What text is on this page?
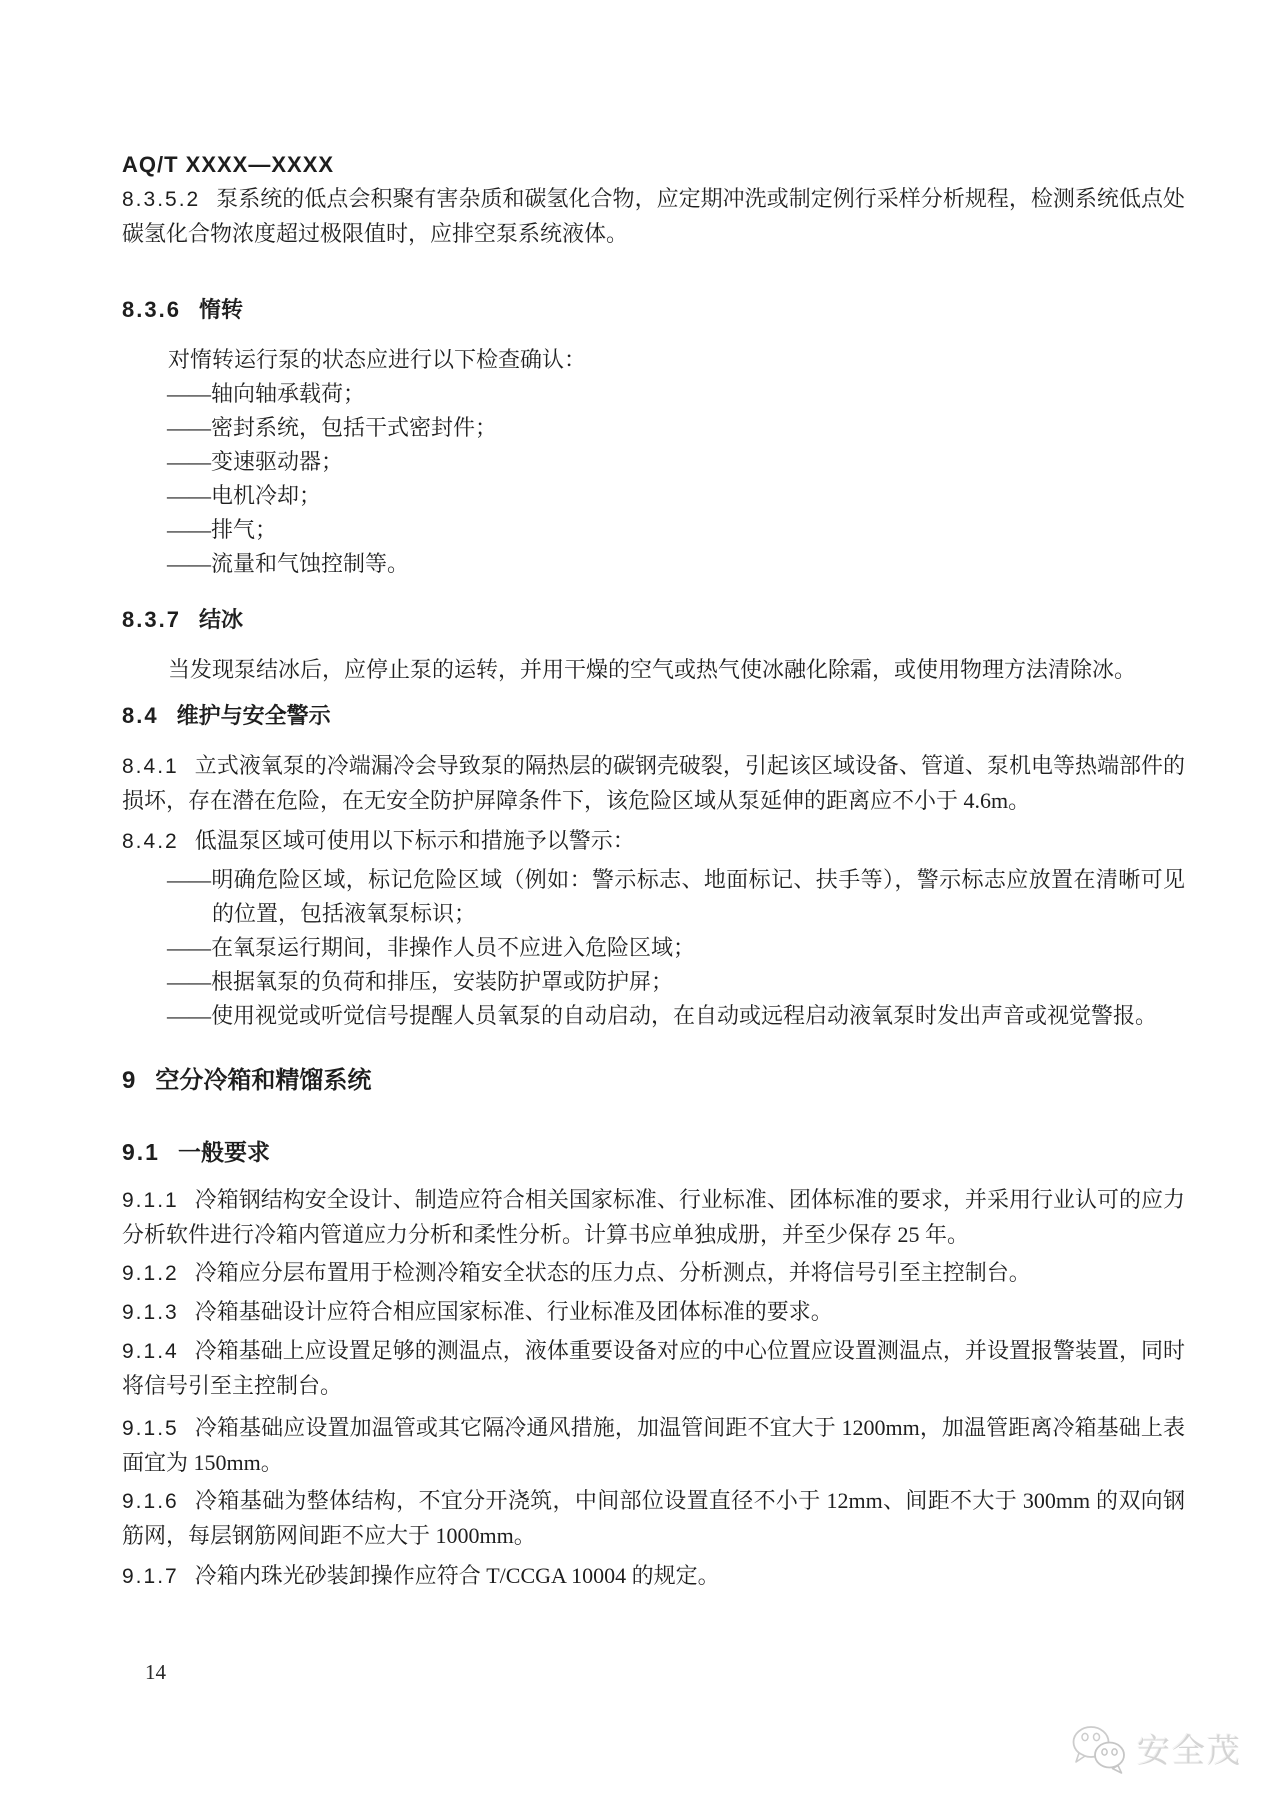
AQ/T XXXX—XXXX

8.3.5.2 泵系统的低点会积聚有害杂质和碳氢化合物，应定期冲洗或制定例行采样分析规程，检测系统低点处碳氢化合物浓度超过极限值时，应排空泵系统液体。

8.3.6 惰转

对惰转运行泵的状态应进行以下检查确认：

——轴向轴承载荷；

——密封系统，包括干式密封件；

——变速驱动器；

——电机冷却；

——排气；

——流量和气蚀控制等。

8.3.7 结冰

当发现泵结冰后，应停止泵的运转，并用干燥的空气或热气使冰融化除霜，或使用物理方法清除冰。

8.4 维护与安全警示

8.4.1 立式液氧泵的冷端漏冷会导致泵的隔热层的碳钢壳破裂，引起该区域设备、管道、泵机电等热端部件的损坏，存在潜在危险，在无安全防护屏障条件下，该危险区域从泵延伸的距离应不小于 4.6m。

8.4.2 低温泵区域可使用以下标示和措施予以警示：

——明确危险区域，标记危险区域（例如：警示标志、地面标记、扶手等），警示标志应放置在清晰可见的位置，包括液氧泵标识；

——在氧泵运行期间，非操作人员不应进入危险区域；

——根据氧泵的负荷和排压，安装防护罩或防护屏；

——使用视觉或听觉信号提醒人员氧泵的自动启动，在自动或远程启动液氧泵时发出声音或视觉警报。

9 空分冷箱和精馏系统

9.1 一般要求

9.1.1 冷箱钢结构安全设计、制造应符合相关国家标准、行业标准、团体标准的要求，并采用行业认可的应力分析软件进行冷箱内管道应力分析和柔性分析。计算书应单独成册，并至少保存 25 年。

9.1.2 冷箱应分层布置用于检测冷箱安全状态的压力点、分析测点，并将信号引至主控制台。

9.1.3 冷箱基础设计应符合相应国家标准、行业标准及团体标准的要求。

9.1.4 冷箱基础上应设置足够的测温点，液体重要设备对应的中心位置应设置测温点，并设置报警装置，同时将信号引至主控制台。

9.1.5 冷箱基础应设置加温管或其它隔冷通风措施，加温管间距不宜大于 1200mm，加温管距离冷箱基础上表面宜为 150mm。

9.1.6 冷箱基础为整体结构，不宜分开浇筑，中间部位设置直径不小于 12mm、间距不大于 300mm 的双向钢筋网，每层钢筋网间距不应大于 1000mm。

9.1.7 冷箱内珠光砂装卸操作应符合 T/CCGA 10004 的规定。

14
安全茂
